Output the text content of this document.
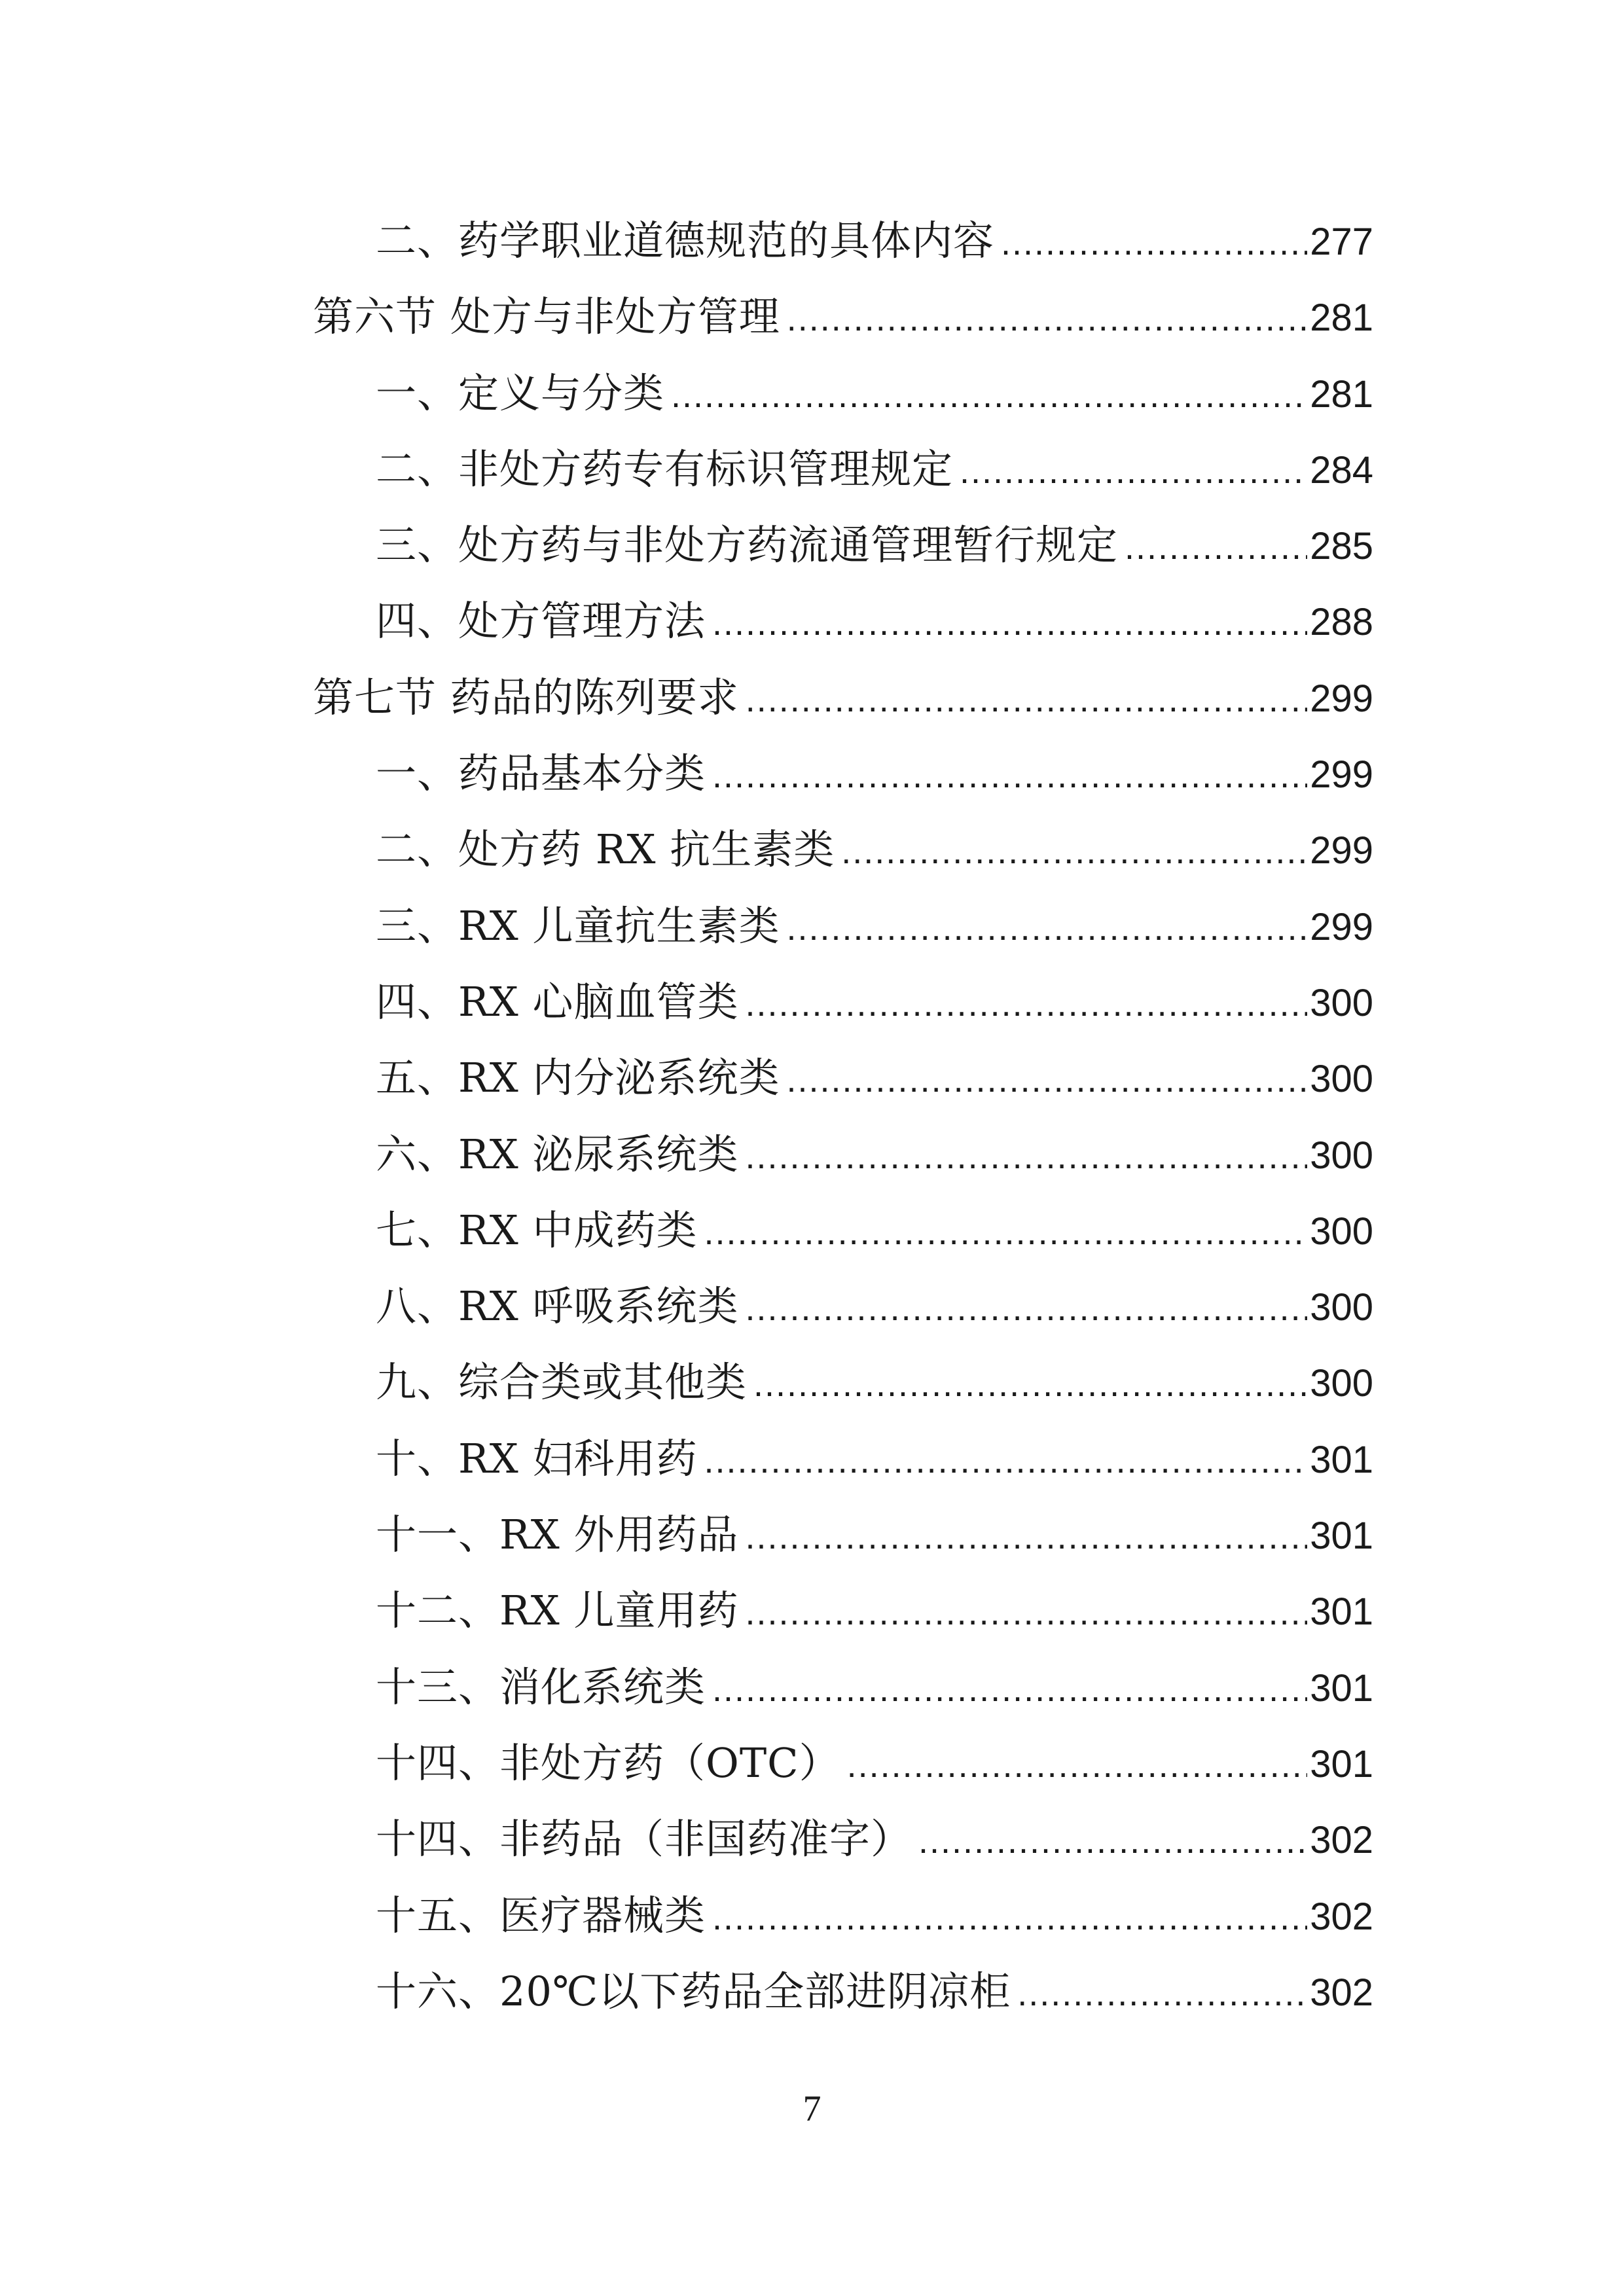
二、药学职业道德规范的具体内容 .....	277
第六节 处方与非处方管理 .....	281
一、定义与分类 .....	281
二、非处方药专有标识管理规定 .....	284
三、处方药与非处方药流通管理暂行规定 .....	285
四、处方管理方法 .....	288
第七节 药品的陈列要求 .....	299
一、药品基本分类 .....	299
二、处方药 RX 抗生素类 .....	299
三、RX 儿童抗生素类 .....	299
四、RX 心脑血管类 .....	300
五、RX 内分泌系统类 .....	300
六、RX 泌尿系统类 .....	300
七、RX 中成药类 .....	300
八、RX 呼吸系统类 .....	300
九、综合类或其他类 .....	300
十、RX 妇科用药 .....	301
十一、RX 外用药品 .....	301
十二、RX 儿童用药 .....	301
十三、消化系统类 .....	301
十四、非处方药（OTC） .....	301
十四、非药品（非国药准字） .....	302
十五、医疗器械类 .....	302
十六、20℃以下药品全部进阴凉柜 .....	302
7
